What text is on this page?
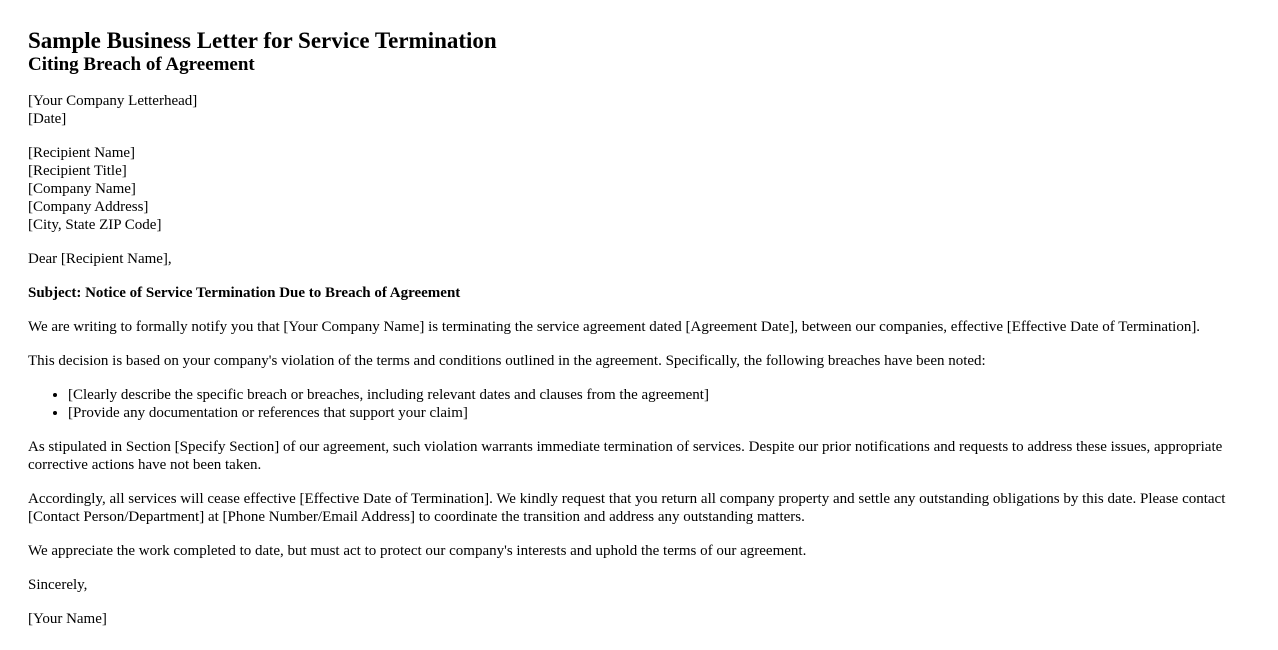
Sample Business Letter for Service Termination
Citing Breach of Agreement
[Your Company Letterhead]
[Date]
[Recipient Name]
[Recipient Title]
[Company Name]
[Company Address]
[City, State ZIP Code]

Dear [Recipient Name],

Subject: Notice of Service Termination Due to Breach of Agreement

We are writing to formally notify you that [Your Company Name] is terminating the service agreement dated [Agreement Date], between our companies, effective [Effective Date of Termination].

This decision is based on your company's violation of the terms and conditions outlined in the agreement. Specifically, the following breaches have been noted:

• [Clearly describe the specific breach or breaches, including relevant dates and clauses from the agreement]
• [Provide any documentation or references that support your claim]

As stipulated in Section [Specify Section] of our agreement, such violation warrants immediate termination of services. Despite our prior notifications and requests to address these issues, appropriate corrective actions have not been taken.

Accordingly, all services will cease effective [Effective Date of Termination]. We kindly request that you return all company property and settle any outstanding obligations by this date. Please contact [Contact Person/Department] at [Phone Number/Email Address] to coordinate the transition and address any outstanding matters.

We appreciate the work completed to date, but must act to protect our company's interests and uphold the terms of our agreement.

Sincerely,

[Your Name]
